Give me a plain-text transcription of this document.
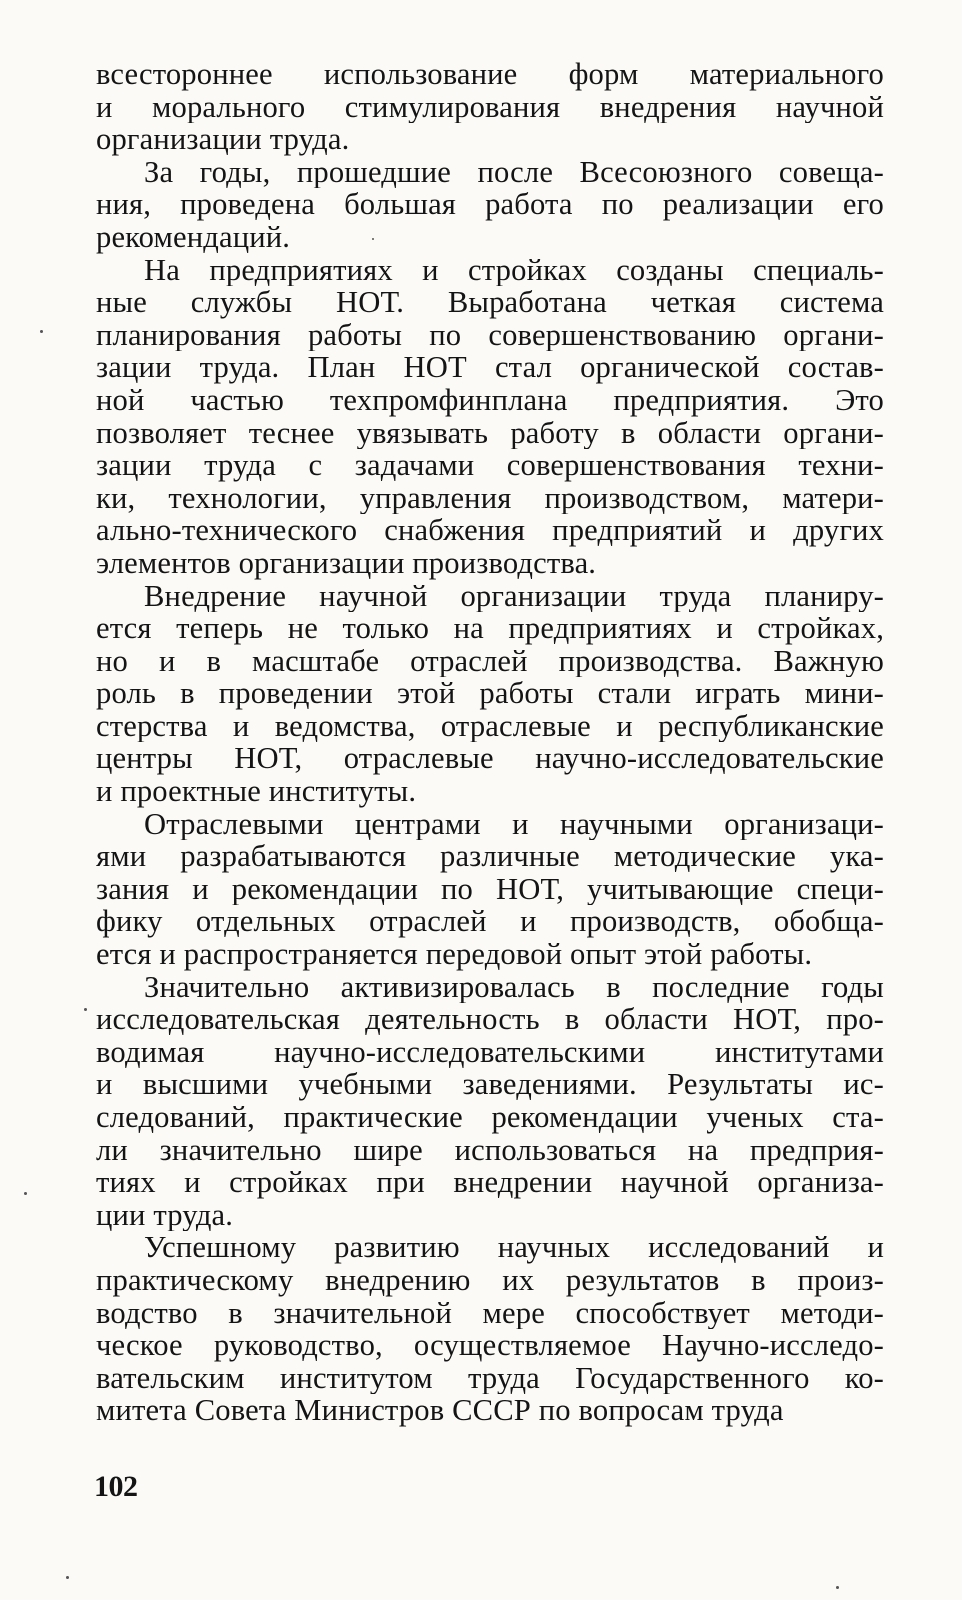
всестороннее использование форм материального
и морального стимулирования внедрения научной
организации труда.
За годы, прошедшие после Всесоюзного совеща-
ния, проведена большая работа по реализации его
рекомендаций.
На предприятиях и стройках созданы специаль-
ные службы НОТ. Выработана четкая система
планирования работы по совершенствованию органи-
зации труда. План НОТ стал органической состав-
ной частью техпромфинплана предприятия. Это
позволяет теснее увязывать работу в области органи-
зации труда с задачами совершенствования техни-
ки, технологии, управления производством, матери-
ально-технического снабжения предприятий и других
элементов организации производства.
Внедрение научной организации труда планиру-
ется теперь не только на предприятиях и стройках,
но и в масштабе отраслей производства. Важную
роль в проведении этой работы стали играть мини-
стерства и ведомства, отраслевые и республиканские
центры НОТ, отраслевые научно-исследовательские
и проектные институты.
Отраслевыми центрами и научными организаци-
ями разрабатываются различные методические ука-
зания и рекомендации по НОТ, учитывающие специ-
фику отдельных отраслей и производств, обобща-
ется и распространяется передовой опыт этой работы.
Значительно активизировалась в последние годы
исследовательская деятельность в области НОТ, про-
водимая научно-исследовательскими институтами
и высшими учебными заведениями. Результаты ис-
следований, практические рекомендации ученых ста-
ли значительно шире использоваться на предприя-
тиях и стройках при внедрении научной организа-
ции труда.
Успешному развитию научных исследований и
практическому внедрению их результатов в произ-
водство в значительной мере способствует методи-
ческое руководство, осуществляемое Научно-исследо-
вательским институтом труда Государственного ко-
митета Совета Министров СССР по вопросам труда
102
